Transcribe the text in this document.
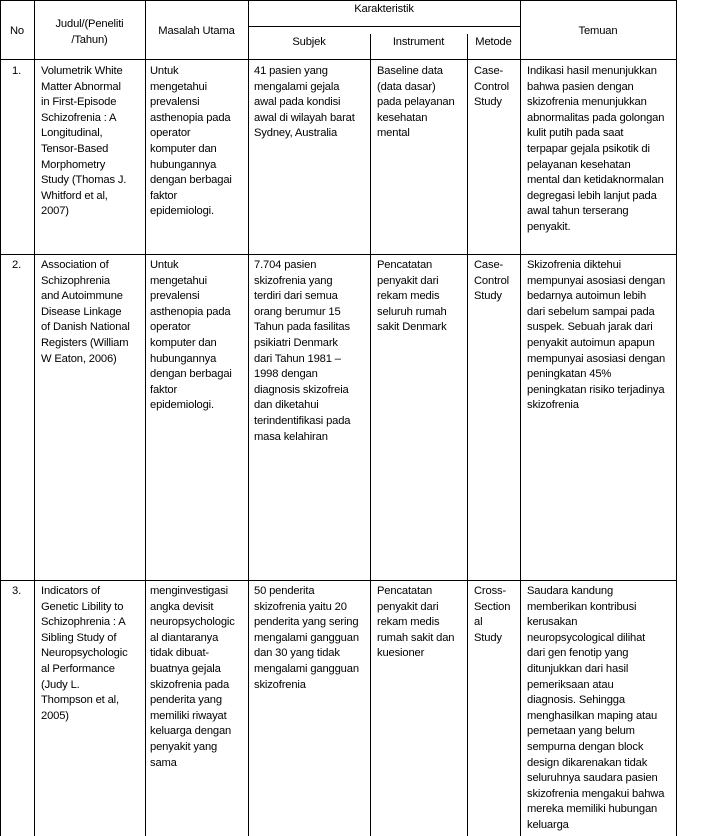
No
Judul/(Peneliti
/Tahun)
Masalah Utama
Karakteristik
Subjek	Instrument	Metode
Temuan
1. Volumetrik White
Matter Abnormal
in First-Episode
Schizofrenia : A
Longitudinal,
Tensor-Based
Morphometry
Study (Thomas J.
Whitford et al,
2007)
Untuk
mengetahui
prevalensi
asthenopia pada
operator
komputer dan
hubungannya
dengan berbagai
faktor
epidemiologi.
41 pasien yang
mengalami gejala
awal pada kondisi
awal di wilayah barat
Sydney, Australia
Baseline data
(data dasar)
pada pelayanan
kesehatan
mental
Case-
Control
Study
Indikasi hasil menunjukkan
bahwa pasien dengan
skizofrenia menunjukkan
abnormalitas pada golongan
kulit putih pada saat
terpapar gejala psikotik di
pelayanan kesehatan
mental dan ketidaknormalan
degregasi lebih lanjut pada
awal tahun terserang
penyakit.
2. Association of
Schizophrenia
and Autoimmune
Disease Linkage
of Danish National
Registers (William
W Eaton, 2006)
Untuk
mengetahui
prevalensi
asthenopia pada
operator
komputer dan
hubungannya
dengan berbagai
faktor
epidemiologi.
7.704 pasien
skizofrenia yang
terdiri dari semua
orang berumur 15
Tahun pada fasilitas
psikiatri Denmark
dari Tahun 1981 –
1998 dengan
diagnosis skizofreia
dan diketahui
terindentifikasi pada
masa kelahiran
Pencatatan
penyakit dari
rekam medis
seluruh rumah
sakit Denmark
Case-
Control
Study
Skizofrenia diktehui
mempunyai asosiasi dengan
bedarnya autoimun lebih
dari sebelum sampai pada
suspek. Sebuah jarak dari
penyakit autoimun apapun
mempunyai asosiasi dengan
peningkatan 45%
peningkatan risiko terjadinya
skizofrenia
3. Indicators of
Genetic Libility to
Schizophrenia : A
Sibling Study of
Neuropsychologic
al Performance
(Judy L.
Thompson et al,
2005)
menginvestigasi
angka devisit
neuropsychologic
al diantaranya
tidak dibuat-
buatnya gejala
skizofrenia pada
penderita yang
memiliki riwayat
keluarga dengan
penyakit yang
sama
50 penderita
skizofrenia yaitu 20
penderita yang sering
mengalami gangguan
dan 30 yang tidak
mengalami gangguan
skizofrenia
Pencatatan
penyakit dari
rekam medis
rumah sakit dan
kuesioner
Cross-
Section
al
Study
Saudara kandung
memberikan kontribusi
kerusakan
neuropsycological dilihat
dari gen fenotip yang
ditunjukkan dari hasil
pemeriksaan atau
diagnosis. Sehingga
menghasilkan maping atau
pemetaan yang belum
sempurna dengan block
design dikarenakan tidak
seluruhnya saudara pasien
skizofrenia mengakui bahwa
mereka memiliki hubungan
keluarga
